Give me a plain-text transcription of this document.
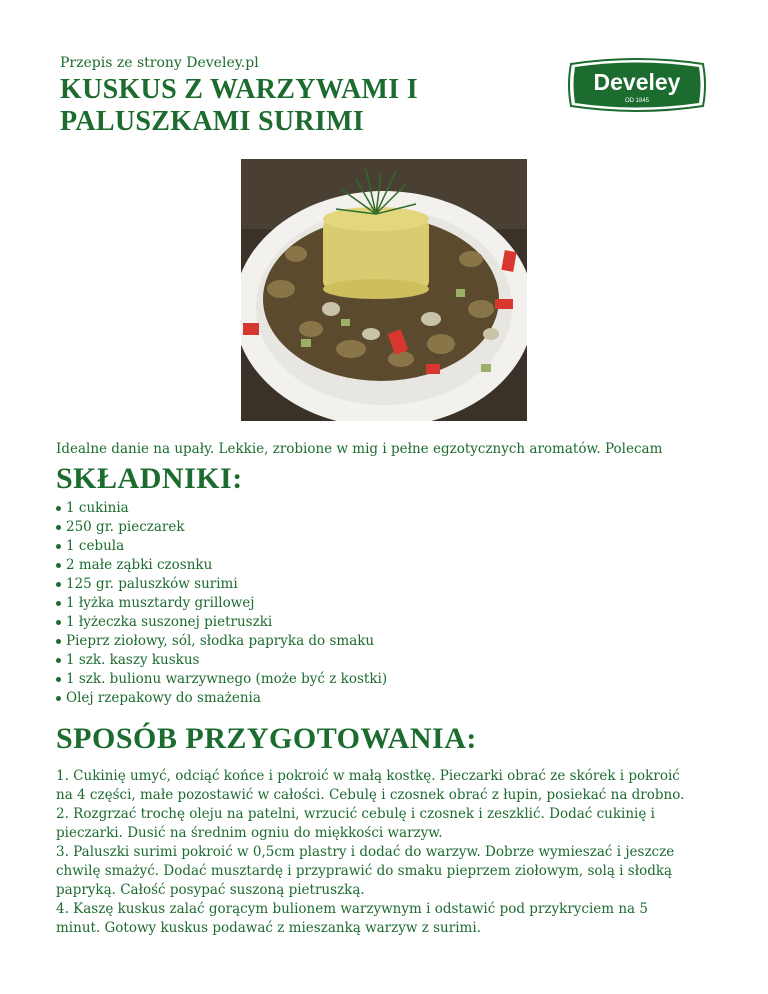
Przepis ze strony Develey.pl
KUSKUS Z WARZYWAMI I PALUSZKAMI SURIMI
Develey
OD 1845
Idealne danie na upały. Lekkie, zrobione w mig i pełne egzotycznych aromatów. Polecam
SKŁADNIKI:
1 cukinia
250 gr. pieczarek
1 cebula
2 małe ząbki czosnku
125 gr. paluszków surimi
1 łyżka musztardy grillowej
1 łyżeczka suszonej pietruszki
Pieprz ziołowy, sól, słodka papryka do smaku
1 szk. kaszy kuskus
1 szk. bulionu warzywnego (może być z kostki)
Olej rzepakowy do smażenia
SPOSÓB PRZYGOTOWANIA:

1. Cukinię umyć, odciąć końce i pokroić w małą kostkę. Pieczarki obrać ze skórek i pokroić

na 4 części, małe pozostawić w całości. Cebulę i czosnek obrać z łupin, posiekać na drobno.

2. Rozgrzać trochę oleju na patelni, wrzucić cebulę i czosnek i zeszklić. Dodać cukinię i

pieczarki. Dusić na średnim ogniu do miękkości warzyw.

3. Paluszki surimi pokroić w 0,5cm plastry i dodać do warzyw. Dobrze wymieszać i jeszcze

chwilę smażyć. Dodać musztardę i przyprawić do smaku pieprzem ziołowym, solą i słodką

papryką. Całość posypać suszoną pietruszką.

4. Kaszę kuskus zalać gorącym bulionem warzywnym i odstawić pod przykryciem na 5

minut. Gotowy kuskus podawać z mieszanką warzyw z surimi.
